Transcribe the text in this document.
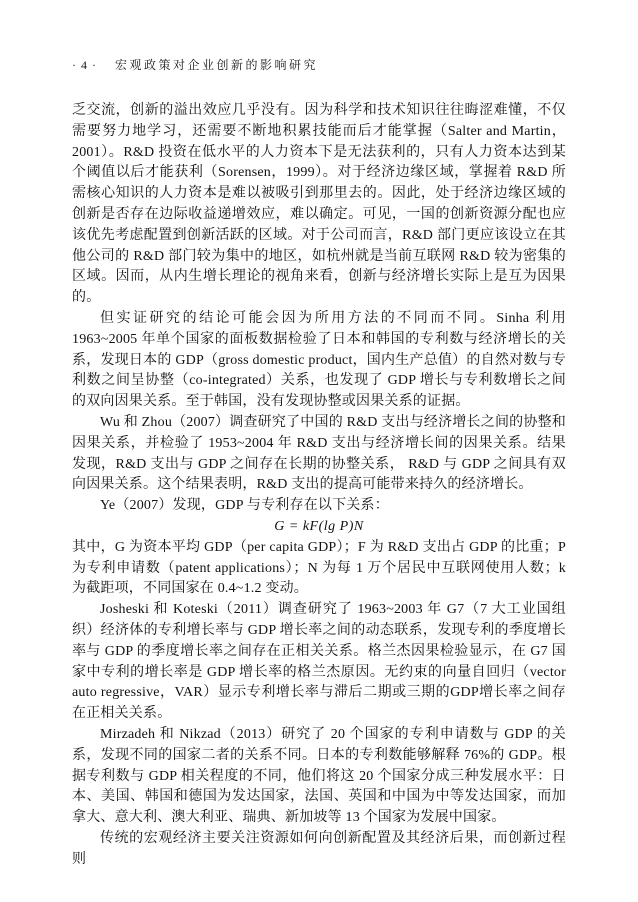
· 4 · 宏观政策对企业创新的影响研究

乏交流，创新的溢出效应几乎没有。因为科学和技术知识往往晦涩难懂，不仅需要努力地学习，还需要不断地积累技能而后才能掌握（Salter and Martin，2001）。R&D 投资在低水平的人力资本下是无法获利的，只有人力资本达到某个阈值以后才能获利（Sorensen，1999）。对于经济边缘区域，掌握着 R&D 所需核心知识的人力资本是难以被吸引到那里去的。因此，处于经济边缘区域的创新是否存在边际收益递增效应，难以确定。可见，一国的创新资源分配也应该优先考虑配置到创新活跃的区域。对于公司而言，R&D 部门更应该设立在其他公司的 R&D 部门较为集中的地区，如杭州就是当前互联网 R&D 较为密集的区域。因而，从内生增长理论的视角来看，创新与经济增长实际上是互为因果的。

但实证研究的结论可能会因为所用方法的不同而不同。Sinha 利用 1963~2005 年单个国家的面板数据检验了日本和韩国的专利数与经济增长的关系，发现日本的 GDP（gross domestic product，国内生产总值）的自然对数与专利数之间呈协整（co-integrated）关系，也发现了 GDP 增长与专利数增长之间的双向因果关系。至于韩国，没有发现协整或因果关系的证据。

Wu 和 Zhou（2007）调查研究了中国的 R&D 支出与经济增长之间的协整和因果关系，并检验了 1953~2004 年 R&D 支出与经济增长间的因果关系。结果发现，R&D 支出与 GDP 之间存在长期的协整关系， R&D 与 GDP 之间具有双向因果关系。这个结果表明，R&D 支出的提高可能带来持久的经济增长。

Ye（2007）发现，GDP 与专利存在以下关系：

G = kF(lg P)N

其中，G 为资本平均 GDP（per capita GDP）；F 为 R&D 支出占 GDP 的比重；P 为专利申请数（patent applications）；N 为每 1 万个居民中互联网使用人数；k 为截距项，不同国家在 0.4~1.2 变动。

Josheski 和 Koteski（2011）调查研究了 1963~2003 年 G7（7 大工业国组织）经济体的专利增长率与 GDP 增长率之间的动态联系，发现专利的季度增长率与 GDP 的季度增长率之间存在正相关关系。格兰杰因果检验显示，在 G7 国家中专利的增长率是 GDP 增长率的格兰杰原因。无约束的向量自回归（vector auto regressive，VAR）显示专利增长率与滞后二期或三期的GDP增长率之间存在正相关关系。

Mirzadeh 和 Nikzad（2013）研究了 20 个国家的专利申请数与 GDP 的关系，发现不同的国家二者的关系不同。日本的专利数能够解释 76%的 GDP。根据专利数与 GDP 相关程度的不同，他们将这 20 个国家分成三种发展水平：日本、美国、韩国和德国为发达国家，法国、英国和中国为中等发达国家，而加拿大、意大利、澳大利亚、瑞典、新加坡等 13 个国家为发展中国家。

传统的宏观经济主要关注资源如何向创新配置及其经济后果，而创新过程则
